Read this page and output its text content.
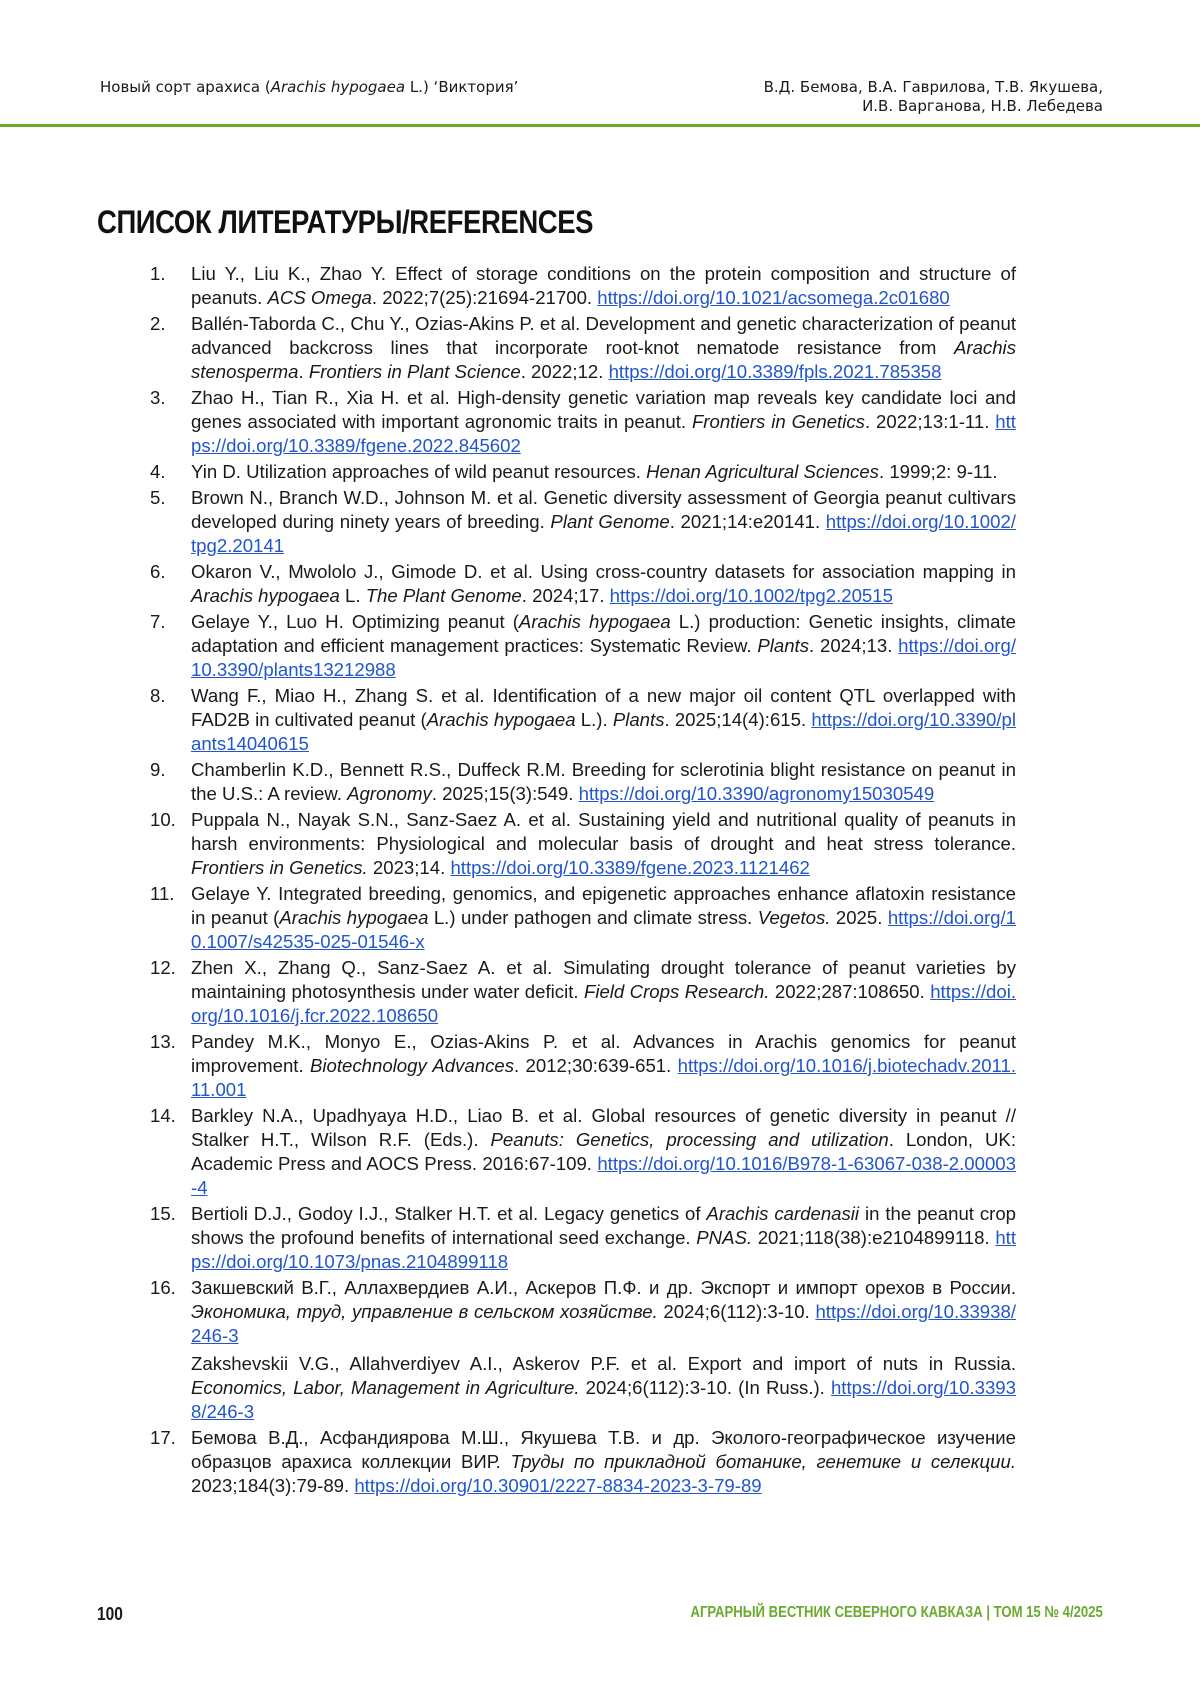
Новый сорт арахиса (Arachis hypogaea L.) ‘Виктория’	В.Д. Бемова, В.А. Гаврилова, Т.В. Якушева,
И.В. Варганова, Н.В. Лебедева
СПИСОК ЛИТЕРАТУРЫ/REFERENCES
1. Liu Y., Liu K., Zhao Y. Effect of storage conditions on the protein composition and structure of peanuts. ACS Omega. 2022;7(25):21694-21700. https://doi.org/10.1021/acsomega.2c01680

2. Ballén-Taborda C., Chu Y., Ozias-Akins P. et al. Development and genetic characterization of peanut advanced backcross lines that incorporate root-knot nematode resistance from Arachis stenosperma. Frontiers in Plant Science. 2022;12. https://doi.org/10.3389/fpls.2021.785358

3. Zhao H., Tian R., Xia H. et al. High-density genetic variation map reveals key candidate loci and genes associated with important agronomic traits in peanut. Frontiers in Genetics. 2022;13:1-11. https://doi.org/10.3389/fgene.2022.845602

4. Yin D. Utilization approaches of wild peanut resources. Henan Agricultural Sciences. 1999;2: 9-11.

5. Brown N., Branch W.D., Johnson M. et al. Genetic diversity assessment of Georgia peanut cultivars developed during ninety years of breeding. Plant Genome. 2021;14:e20141. https://doi.org/10.1002/tpg2.20141

6. Okaron V., Mwololo J., Gimode D. et al. Using cross-country datasets for association mapping in Arachis hypogaea L. The Plant Genome. 2024;17. https://doi.org/10.1002/tpg2.20515

7. Gelaye Y., Luo H. Optimizing peanut (Arachis hypogaea L.) production: Genetic insights, climate adaptation and efficient management practices: Systematic Review. Plants. 2024;13. https://doi.org/10.3390/plants13212988

8. Wang F., Miao H., Zhang S. et al. Identification of a new major oil content QTL overlapped with FAD2B in cultivated peanut (Arachis hypogaea L.). Plants. 2025;14(4):615. https://doi.org/10.3390/plants14040615

9. Chamberlin K.D., Bennett R.S., Duffeck R.M. Breeding for sclerotinia blight resistance on peanut in the U.S.: A review. Agronomy. 2025;15(3):549. https://doi.org/10.3390/agronomy15030549

10. Puppala N., Nayak S.N., Sanz-Saez A. et al. Sustaining yield and nutritional quality of peanuts in harsh environments: Physiological and molecular basis of drought and heat stress tolerance. Frontiers in Genetics. 2023;14. https://doi.org/10.3389/fgene.2023.1121462

11. Gelaye Y. Integrated breeding, genomics, and epigenetic approaches enhance aflatoxin resistance in peanut (Arachis hypogaea L.) under pathogen and climate stress. Vegetos. 2025. https://doi.org/10.1007/s42535-025-01546-x

12. Zhen X., Zhang Q., Sanz-Saez A. et al. Simulating drought tolerance of peanut varieties by maintaining photosynthesis under water deficit. Field Crops Research. 2022;287:108650. https://doi.org/10.1016/j.fcr.2022.108650

13. Pandey M.K., Monyo E., Ozias-Akins P. et al. Advances in Arachis genomics for peanut improvement. Biotechnology Advances. 2012;30:639-651. https://doi.org/10.1016/j.biotechadv.2011.11.001

14. Barkley N.A., Upadhyaya H.D., Liao B. et al. Global resources of genetic diversity in peanut // Stalker H.T., Wilson R.F. (Eds.). Peanuts: Genetics, processing and utilization. London, UK: Academic Press and AOCS Press. 2016:67-109. https://doi.org/10.1016/B978-1-63067-038-2.00003-4

15. Bertioli D.J., Godoy I.J., Stalker H.T. et al. Legacy genetics of Arachis cardenasii in the peanut crop shows the profound benefits of international seed exchange. PNAS. 2021;118(38):e2104899118. https://doi.org/10.1073/pnas.2104899118

16. Закшевский В.Г., Аллахвердиев А.И., Аскеров П.Ф. и др. Экспорт и импорт орехов в России. Экономика, труд, управление в сельском хозяйстве. 2024;6(112):3-10. https://doi.org/10.33938/246-3

Zakshevskii V.G., Allahverdiyev A.I., Askerov P.F. et al. Export and import of nuts in Russia. Economics, Labor, Management in Agriculture. 2024;6(112):3-10. (In Russ.). https://doi.org/10.33938/246-3

17. Бемова В.Д., Асфандиярова М.Ш., Якушева Т.В. и др. Эколого-географическое изучение образцов арахиса коллекции ВИР. Труды по прикладной ботанике, генетике и селекции. 2023;184(3):79-89. https://doi.org/10.30901/2227-8834-2023-3-79-89

100	АГРАРНЫЙ ВЕСТНИК СЕВЕРНОГО КАВКАЗА | ТОМ 15 № 4/2025
